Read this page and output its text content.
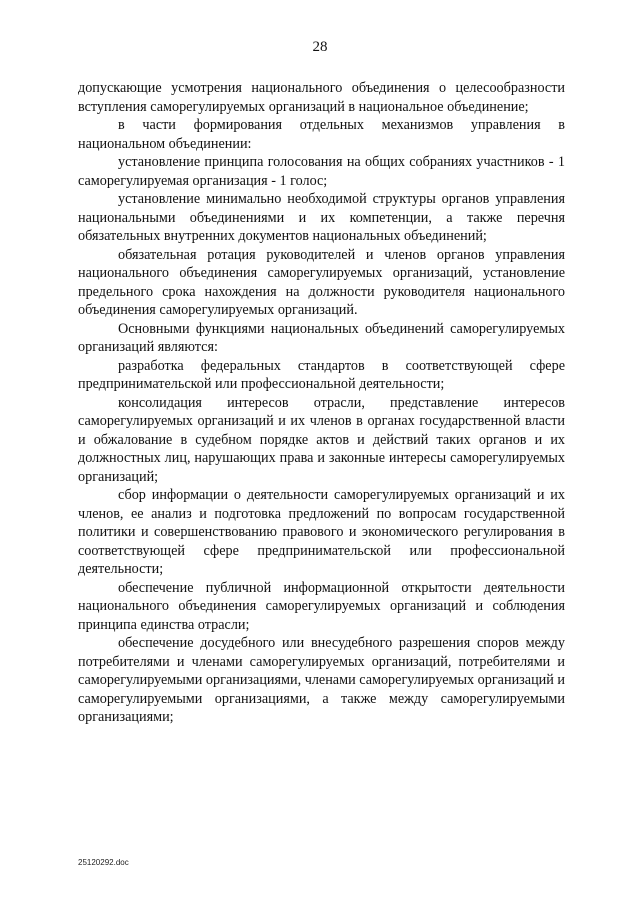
28

допускающие усмотрения национального объединения о целесообразности вступления саморегулируемых организаций в национальное объединение;

в части формирования отдельных механизмов управления в национальном объединении:

установление принципа голосования на общих собраниях участников - 1 саморегулируемая организация - 1 голос;

установление минимально необходимой структуры органов управления национальными объединениями и их компетенции, а также перечня обязательных внутренних документов национальных объединений;

обязательная ротация руководителей и членов органов управления национального объединения саморегулируемых организаций, установление предельного срока нахождения на должности руководителя национального объединения саморегулируемых организаций.

Основными функциями национальных объединений саморегулируемых организаций являются:

разработка федеральных стандартов в соответствующей сфере предпринимательской или профессиональной деятельности;

консолидация интересов отрасли, представление интересов саморегулируемых организаций и их членов в органах государственной власти и обжалование в судебном порядке актов и действий таких органов и их должностных лиц, нарушающих права и законные интересы саморегулируемых организаций;

сбор информации о деятельности саморегулируемых организаций и их членов, ее анализ и подготовка предложений по вопросам государственной политики и совершенствованию правового и экономического регулирования в соответствующей сфере предпринимательской или профессиональной деятельности;

обеспечение публичной информационной открытости деятельности национального объединения саморегулируемых организаций и соблюдения принципа единства отрасли;

обеспечение досудебного или внесудебного разрешения споров между потребителями и членами саморегулируемых организаций, потребителями и саморегулируемыми организациями, членами саморегулируемых организаций и саморегулируемыми организациями, а также между саморегулируемыми организациями;

25120292.doc
